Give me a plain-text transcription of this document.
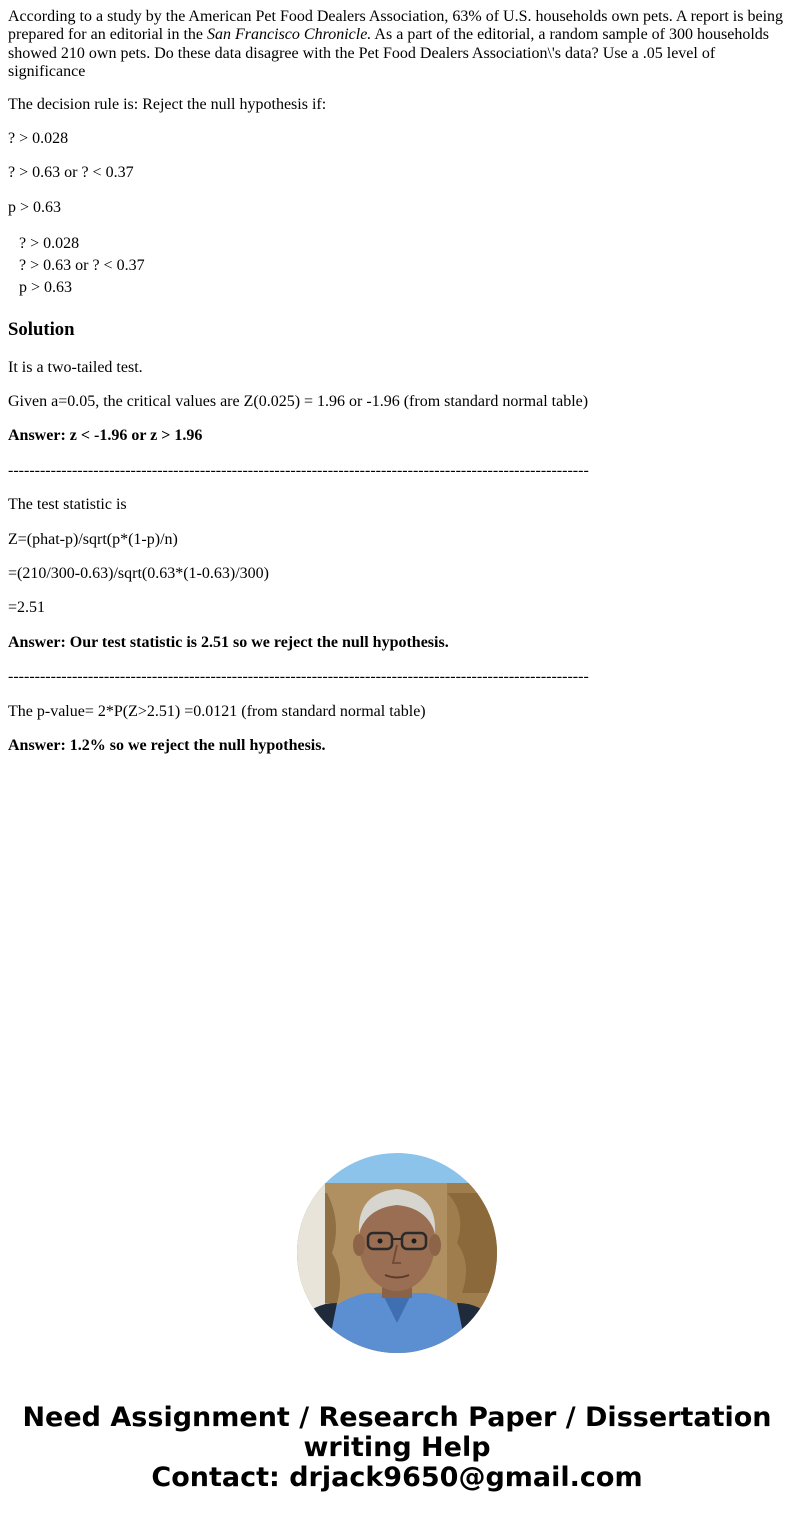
According to a study by the American Pet Food Dealers Association, 63% of U.S. households own pets. A report is being prepared for an editorial in the San Francisco Chronicle. As a part of the editorial, a random sample of 300 households showed 210 own pets. Do these data disagree with the Pet Food Dealers Association\'s data? Use a .05 level of significance

The decision rule is: Reject the null hypothesis if:

? > 0.028

? > 0.63 or ? < 0.37

p > 0.63

? > 0.028
? > 0.63 or ? < 0.37
p > 0.63
Solution

It is a two-tailed test.

Given a=0.05, the critical values are Z(0.025) = 1.96 or -1.96 (from standard normal table)

Answer: z < -1.96 or z > 1.96

-------------------------------------------------------------------------------------------------------------

The test statistic is

Z=(phat-p)/sqrt(p*(1-p)/n)

=(210/300-0.63)/sqrt(0.63*(1-0.63)/300)

=2.51

Answer: Our test statistic is 2.51 so we reject the null hypothesis.

-------------------------------------------------------------------------------------------------------------

The p-value= 2*P(Z>2.51) =0.0121 (from standard normal table)

Answer: 1.2% so we reject the null hypothesis.

Need Assignment / Research Paper / Dissertation
writing Help
Contact: drjack9650@gmail.com
